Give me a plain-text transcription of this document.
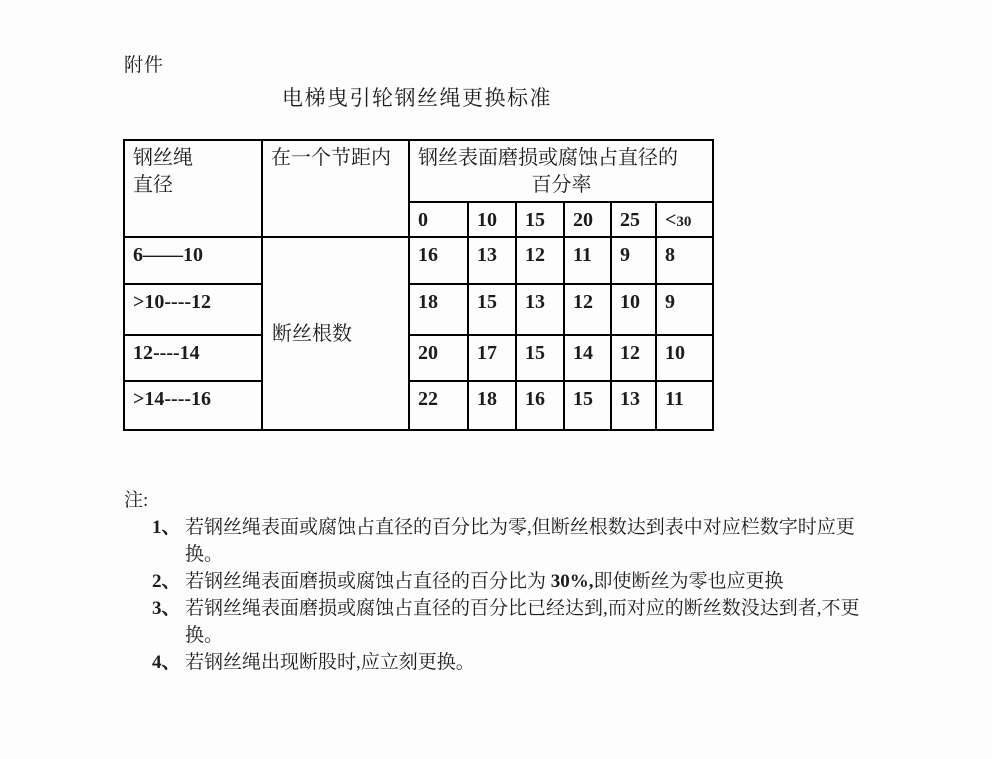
附件
电梯曳引轮钢丝绳更换标准
钢丝绳
直径
	在一个节距内	钢丝表面磨损或腐蚀占直径的
百分率

		0	10	15	20	25	<30
6——10	断丝根数	16	13	12	11	9	8
>10----12		18	15	13	12	10	9
12----14		20	17	15	14	12	10
>14----16		22	18	16	15	13	11
注:
1、 若钢丝绳表面或腐蚀占直径的百分比为零,但断丝根数达到表中对应栏数字时应更换。
2、 若钢丝绳表面磨损或腐蚀占直径的百分比为 30%,即使断丝为零也应更换
3、 若钢丝绳表面磨损或腐蚀占直径的百分比已经达到,而对应的断丝数没达到者,不更换。
4、 若钢丝绳出现断股时,应立刻更换。
